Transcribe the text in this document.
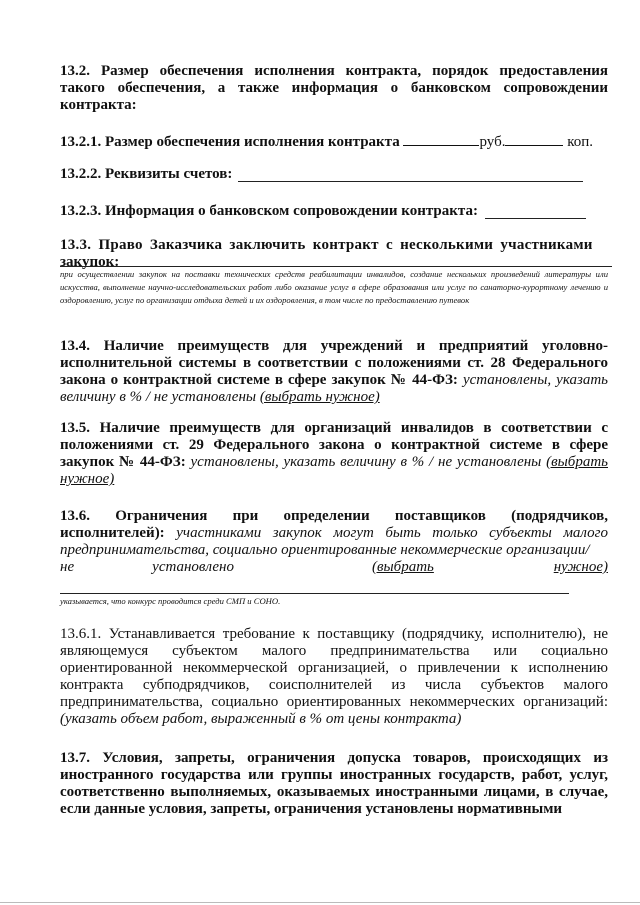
13.2. Размер обеспечения исполнения контракта, порядок предоставления такого обеспечения, а также информация о банковском сопровождении контракта:
13.2.1. Размер обеспечения исполнения контракта	руб.	коп.
13.2.2. Реквизиты счетов:
13.2.3. Информация о банковском сопровождении контракта:
13.3. Право Заказчика заключить контракт с несколькими участниками
закупок:
при осуществлении закупок на поставки технических средств реабилитации инвалидов, создание нескольких произведений литературы или искусства, выполнение научно-исследовательских работ либо оказание услуг в сфере образования или услуг по санаторно-курортному лечению и оздоровлению, услуг по организации отдыха детей и их оздоровления, в том числе по предоставлению путевок
13.4. Наличие преимуществ для учреждений и предприятий уголовно-исполнительной системы в соответствии с положениями ст. 28 Федерального закона о контрактной системе в сфере закупок № 44-ФЗ: установлены, указать величину в % / не установлены (выбрать нужное)
13.5. Наличие преимуществ для организаций инвалидов в соответствии с положениями ст. 29 Федерального закона о контрактной системе в сфере закупок № 44-ФЗ: установлены, указать величину в % / не установлены (выбрать нужное)
13.6. Ограничения при определении поставщиков (подрядчиков,
исполнителей): участниками закупок могут быть только субъекты малого предпринимательства, социально ориентированные некоммерческие организации/
не	установлено	(выбрать	нужное)
указывается, что конкурс проводится среди СМП и СОНО.
13.6.1. Устанавливается требование к поставщику (подрядчику, исполнителю), не являющемуся субъектом малого предпринимательства или социально ориентированной некоммерческой организацией, о привлечении к исполнению контракта субподрядчиков, соисполнителей из числа субъектов малого предпринимательства, социально ориентированных некоммерческих организаций: (указать объем работ, выраженный в % от цены контракта)
13.7. Условия, запреты, ограничения допуска товаров, происходящих из иностранного государства или группы иностранных государств, работ, услуг, соответственно выполняемых, оказываемых иностранными лицами, в случае, если данные условия, запреты, ограничения установлены нормативными
